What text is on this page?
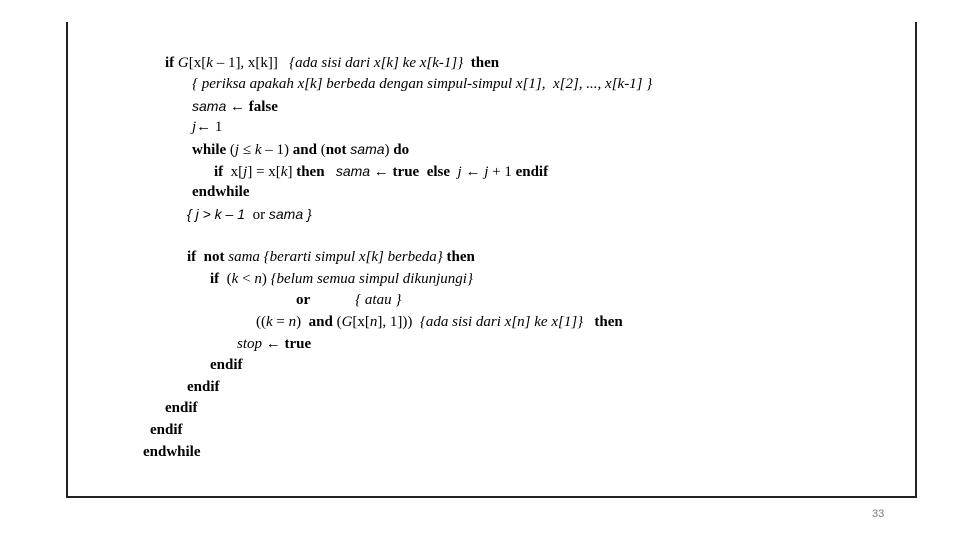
if G[x[k – 1], x[k]]   {ada sisi dari x[k] ke x[k-1]}  then
{ periksa apakah x[k] berbeda dengan simpul-simpul x[1],  x[2], ..., x[k-1] }
sama ← false
j← 1
while (j ≤ k – 1) and (not sama) do
if  x[j] = x[k] then sama ← true else j ← j + 1 endif
endwhile
{ j > k – 1  or sama }
if not sama {berarti simpul x[k] berbeda} then
if  (k < n) {belum semua simpul dikunjungi}
or	{ atau }
((k = n)  and (G[x[n], 1]))  {ada sisi dari x[n] ke x[1]} then
stop ← true
endif
endif
endif
endif
endwhile
33
